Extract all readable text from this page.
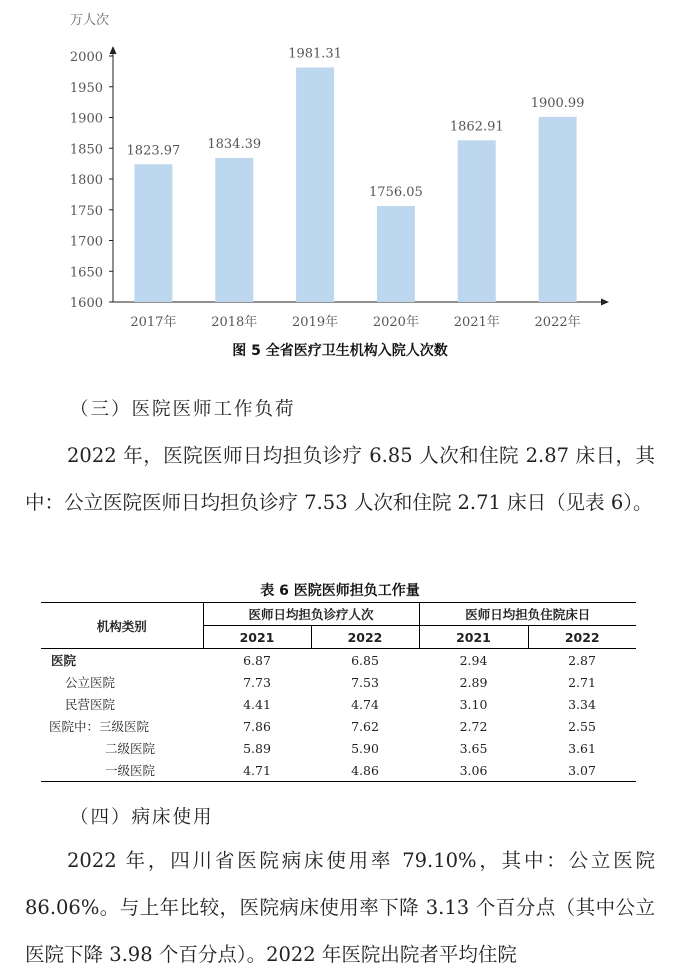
万人次
1600
1650
1700
1750
1800
1850
1900
1950
2000
1823.97
2017年
1834.39
2018年
1981.31
2019年
1756.05
2020年
1862.91
2021年
1900.99
2022年
图 5 全省医疗卫生机构入院人次数
（三）医院医师工作负荷
2022 年，医院医师日均担负诊疗 6.85 人次和住院 2.87 床日，其中：公立医院医师日均担负诊疗 7.53 人次和住院 2.71 床日（见表 6）。
表 6 医院医师担负工作量
机构类别	医师日均担负诊疗人次		医师日均担负住院床日	
	2021	2022	2021	2022
医院	6.87	6.85	2.94	2.87
公立医院	7.73	7.53	2.89	2.71
民营医院	4.41	4.74	3.10	3.34
医院中：三级医院	7.86	7.62	2.72	2.55
二级医院	5.89	5.90	3.65	3.61
一级医院	4.71	4.86	3.06	3.07
（四）病床使用
2022 年，四川省医院病床使用率 79.10%，其中：公立医院 86.06%。与上年比较，医院病床使用率下降 3.13 个百分点（其中公立医院下降 3.98 个百分点）。2022 年医院出院者平均住院
